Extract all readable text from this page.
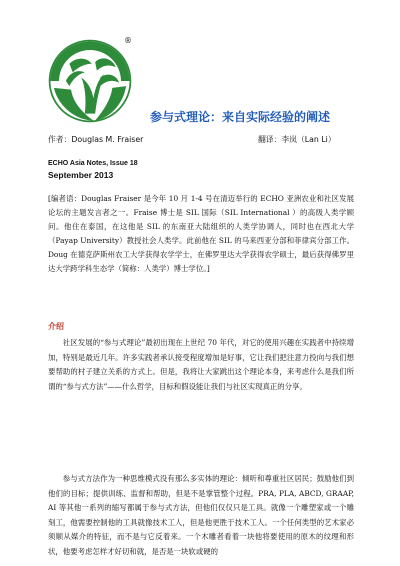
®
参与式理论：来自实际经验的阐述
作者：Douglas M. Fraiser	翻译：李岚（Lan Li）
ECHO Asia Notes, Issue 18
September 2013
[编者语：Douglas Fraiser 是今年 10 月 1-4 号在清迈举行的 ECHO 亚洲农业和社区发展论坛的主题发言者之一。Fraise 博士是 SIL 国际（SIL International ）的高级人类学顾问。他住在泰国，在这他是 SIL 的东南亚大陆组织的人类学协调人，同时也在西北大学（Payap University）教授社会人类学。此前他在 SIL 的马来西亚分部和菲律宾分部工作。Doug 在德克萨斯州农工大学获得农学学士，在佛罗里达大学获得农学硕士，最后获得佛罗里达大学跨学科生态学（简称：人类学）博士学位。]
介绍
社区发展的“参与式理论”最初出现在上世纪 70 年代，对它的使用兴趣在实践者中持续增加，特别是最近几年。许多实践者承认接受程度增加是好事，它让我们把注意力投向与我们想要帮助的村子建立关系的方式上。但是，我将让大家跳出这个理论本身，来考虑什么是我们所谓的“参与式方法”——什么哲学，目标和假设能让我们与社区实现真正的分享。
参与式方法作为一种思维模式没有那么多实体的理论：倾听和尊重社区居民；鼓励他们到他们的目标；提供训练、监督和帮助，但是不是掌管整个过程。PRA, PLA, ABCD, GRAAP, AI 等其他一系列的缩写都属于参与式方法，但他们仅仅只是工具。就像一个雕塑家或一个雕刻工，他需要控制他的工具就像技术工人，但是他更胜于技术工人。一个任何类型的艺术家必须顺从媒介的特征，而不是与它反着来。一个木雕者看着一块他将要使用的原木的纹理和形状，他要考虑怎样才好切和就，是否是一块软或硬的
